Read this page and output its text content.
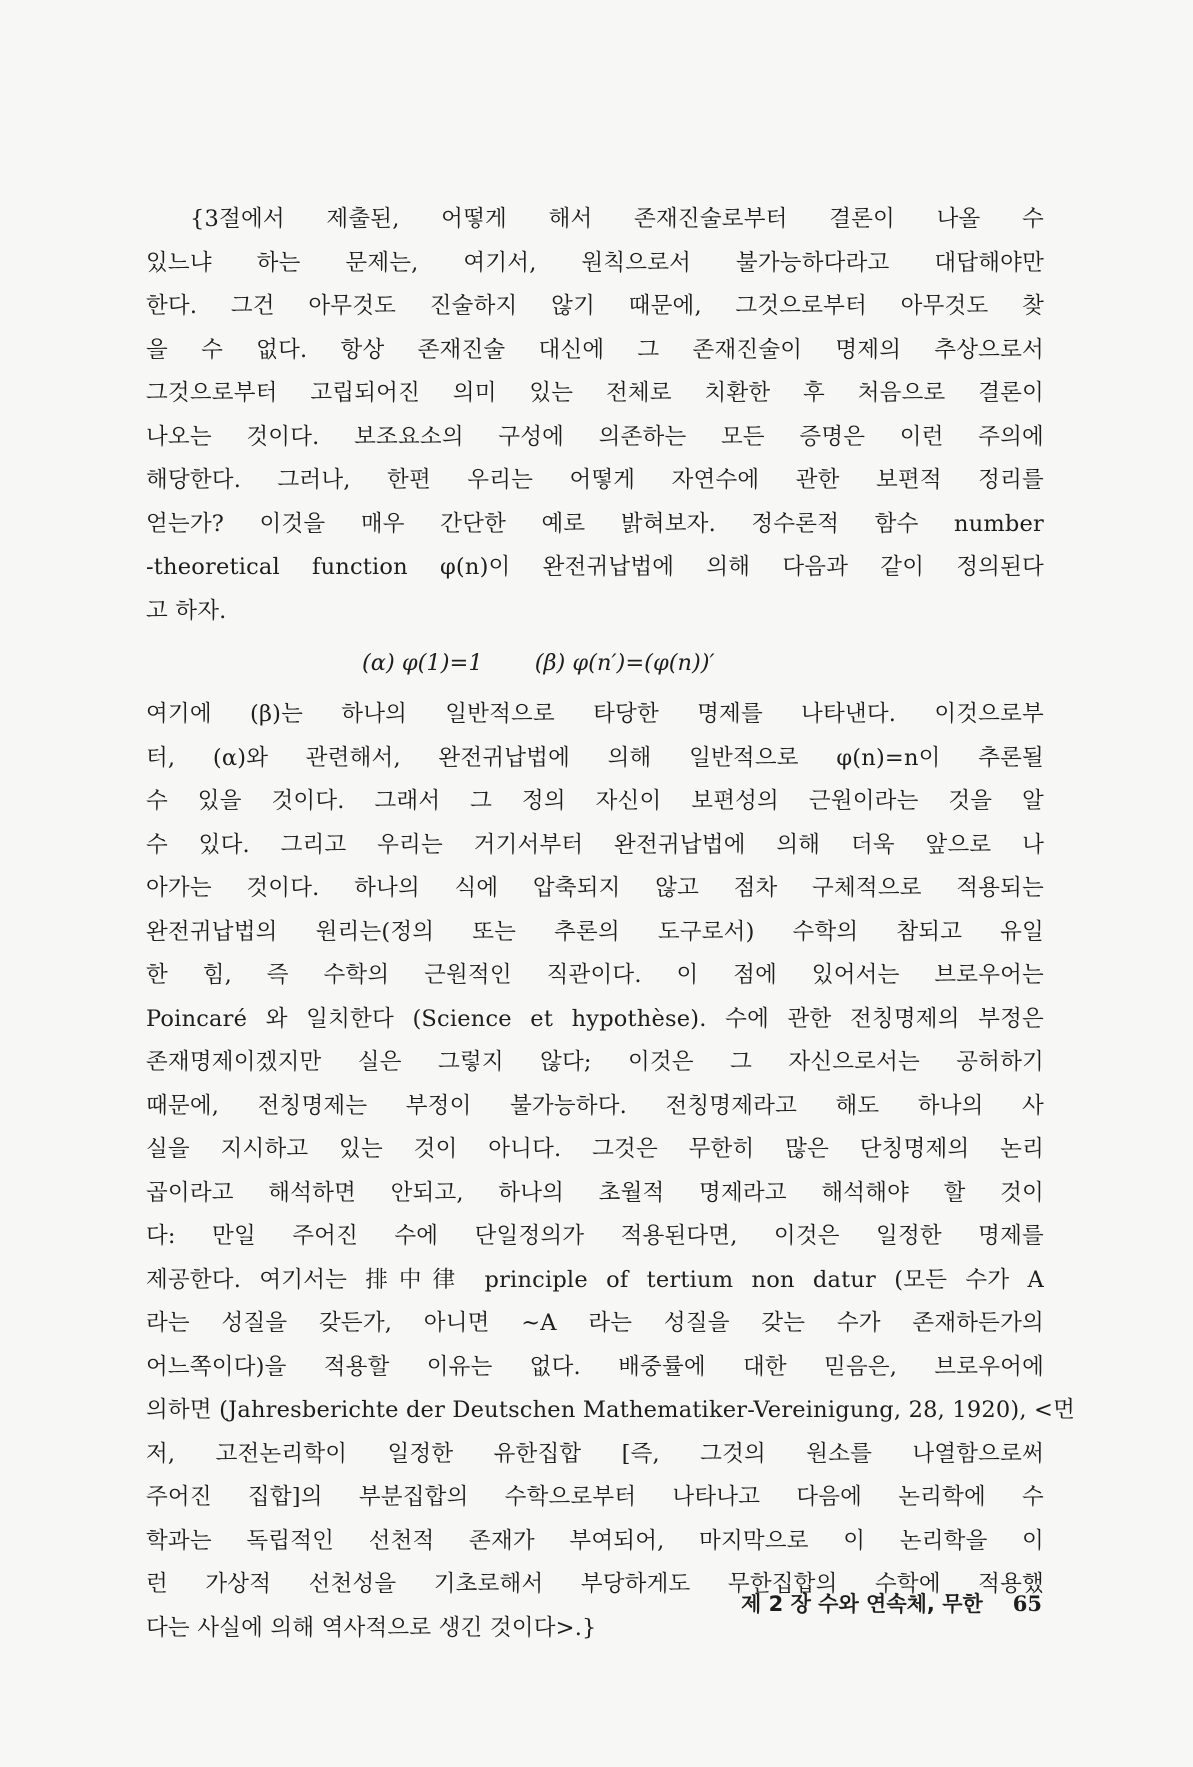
{3절에서 제출된, 어떻게 해서 존재진술로부터 결론이 나올 수
있느냐 하는 문제는, 여기서, 원칙으로서 불가능하다라고 대답해야만
한다. 그건 아무것도 진술하지 않기 때문에, 그것으로부터 아무것도 찾
을 수 없다. 항상 존재진술 대신에 그 존재진술이 명제의 추상으로서
그것으로부터 고립되어진 의미 있는 전체로 치환한 후 처음으로 결론이
나오는 것이다. 보조요소의 구성에 의존하는 모든 증명은 이런 주의에
해당한다. 그러나, 한편 우리는 어떻게 자연수에 관한 보편적 정리를
얻는가? 이것을 매우 간단한 예로 밝혀보자. 정수론적 함수 number
-theoretical function φ(n)이 완전귀납법에 의해 다음과 같이 정의된다
고 하자.
(α) φ(1)=1 (β) φ(n′)=(φ(n))′
여기에 (β)는 하나의 일반적으로 타당한 명제를 나타낸다. 이것으로부
터, (α)와 관련해서, 완전귀납법에 의해 일반적으로 φ(n)=n이 추론될
수 있을 것이다. 그래서 그 정의 자신이 보편성의 근원이라는 것을 알
수 있다. 그리고 우리는 거기서부터 완전귀납법에 의해 더욱 앞으로 나
아가는 것이다. 하나의 식에 압축되지 않고 점차 구체적으로 적용되는
완전귀납법의 원리는(정의 또는 추론의 도구로서) 수학의 참되고 유일
한 힘, 즉 수학의 근원적인 직관이다. 이 점에 있어서는 브로우어는
Poincaré 와 일치한다 (Science et hypothèse). 수에 관한 전칭명제의 부정은
존재명제이겠지만 실은 그렇지 않다; 이것은 그 자신으로서는 공허하기
때문에, 전칭명제는 부정이 불가능하다. 전칭명제라고 해도 하나의 사
실을 지시하고 있는 것이 아니다. 그것은 무한히 많은 단칭명제의 논리
곱이라고 해석하면 안되고, 하나의 초월적 명제라고 해석해야 할 것이
다: 만일 주어진 수에 단일정의가 적용된다면, 이것은 일정한 명제를
제공한다. 여기서는 排中律 principle of tertium non datur (모든 수가 A
라는 성질을 갖든가, 아니면 ~A 라는 성질을 갖는 수가 존재하든가의
어느쪽이다)을 적용할 이유는 없다. 배중률에 대한 믿음은, 브로우어에
의하면 (Jahresberichte der Deutschen Mathematiker-Vereinigung, 28, 1920), <먼
저, 고전논리학이 일정한 유한집합 [즉, 그것의 원소를 나열함으로써
주어진 집합]의 부분집합의 수학으로부터 나타나고 다음에 논리학에 수
학과는 독립적인 선천적 존재가 부여되어, 마지막으로 이 논리학을 이
런 가상적 선천성을 기초로해서 부당하게도 무한집합의 수학에 적용했
다는 사실에 의해 역사적으로 생긴 것이다>.}
제 2 장 수와 연속체, 무한 65
